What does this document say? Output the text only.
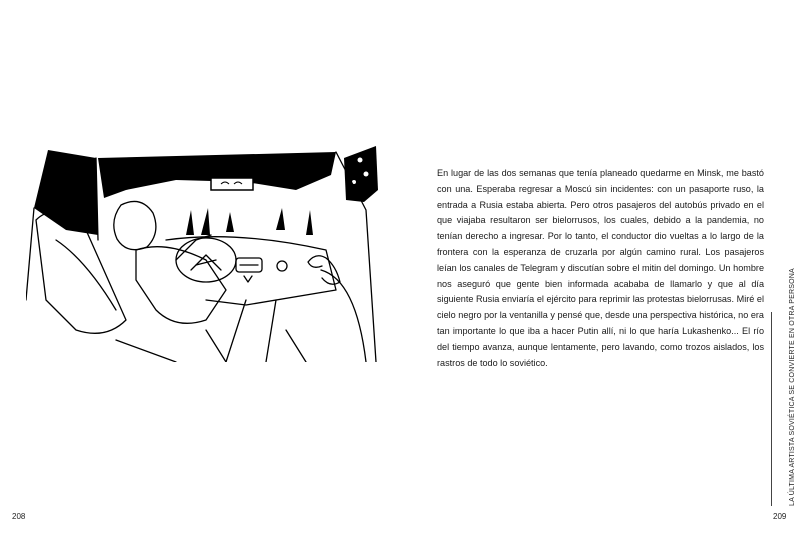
En lugar de las dos semanas que tenía planeado quedarme en Minsk, me bastó con una. Esperaba regresar a Moscú sin incidentes: con un pasaporte ruso, la entrada a Rusia estaba abierta. Pero otros pasajeros del autobús privado en el que viajaba resultaron ser bielorrusos, los cuales, debido a la pandemia, no tenían derecho a ingresar. Por lo tanto, el conductor dio vueltas a lo largo de la frontera con la esperanza de cruzarla por algún camino rural. Los pasajeros leían los canales de Telegram y discutían sobre el mitin del domingo. Un hombre nos aseguró que gente bien informada acababa de llamarlo y que al día siguiente Rusia enviaría el ejército para reprimir las protestas bielorrusas. Miré el cielo negro por la ventanilla y pensé que, desde una perspectiva histórica, no era tan importante lo que iba a hacer Putin allí, ni lo que haría Lukashenko... El río del tiempo avanza, aunque lentamente, pero lavando, como trozos aislados, los rastros de todo lo soviético.

208	209
LA ÚLTIMA ARTISTA SOVIÉTICA SE CONVIERTE EN OTRA PERSONA
